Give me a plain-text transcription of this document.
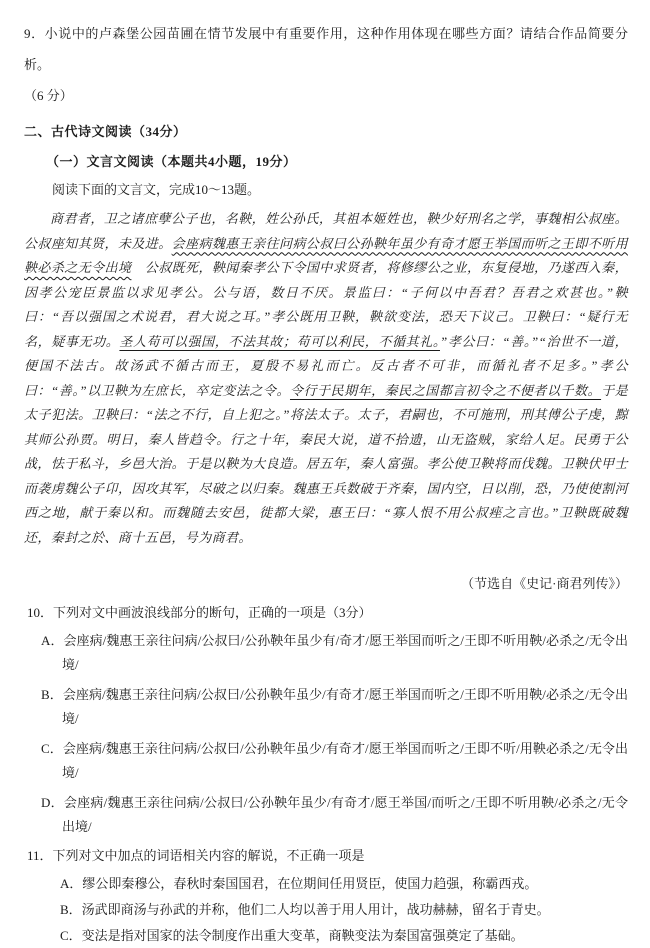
9．小说中的卢森堡公园苗圃在情节发展中有重要作用，这种作用体现在哪些方面？请结合作品简要分析。
（6 分）
二、古代诗文阅读（34分）
（一）文言文阅读（本题共4小题，19分）
阅读下面的文言文，完成10～13题。

商君者，卫之诸庶孽公子也，名鞅，姓公孙氏，其祖本姬姓也，鞅少好刑名之学，事魏相公叔座。公叔座知其贤，未及进。会座病魏惠王亲往问病公叔曰公孙鞅年虽少有奇才愿王举国而听之王即不听用鞅必杀之无令出境　公叔既死，鞅闻秦孝公下令国中求贤者，将修缪公之业，东复侵地，乃遂西入秦，因孝公宠臣景监以求见孝公。公与语，数日不厌。景监曰：“子何以中吾君？吾君之欢甚也。”鞅曰：“吾以强国之术说君，君大说之耳。”孝公既用卫鞅，鞅欲变法，恐天下议己。卫鞅曰：“疑行无名，疑事无功。圣人苟可以强国，不法其故；苟可以利民，不循其礼。”孝公曰：“善。”“治世不一道，便国不法古。故汤武不循古而王，夏殷不易礼而亡。反古者不可非，而循礼者不足多。”孝公曰：“善。”以卫鞅为左庶长，卒定变法之令。令行于民期年，秦民之国都言初令之不便者以千数。于是太子犯法。卫鞅曰：“法之不行，自上犯之。”将法太子。太子，君嗣也，不可施刑，刑其傅公子虔，黥其师公孙贾。明日，秦人皆趋令。行之十年，秦民大说，道不拾遗，山无盗贼，家给人足。民勇于公战，怯于私斗，乡邑大治。于是以鞅为大良造。居五年，秦人富强。孝公使卫鞅将而伐魏。卫鞅伏甲士而袭虏魏公子卬，因攻其军，尽破之以归秦。魏惠王兵数破于齐秦，国内空，日以削，恐，乃使使割河西之地，献于秦以和。而魏随去安邑，徙都大梁，惠王曰：“寡人恨不用公叔痤之言也。”卫鞅既破魏还，秦封之於、商十五邑，号为商君。

（节选自《史记·商君列传》）
10．下列对文中画波浪线部分的断句，正确的一项是（3分）
A．会座病/魏惠王亲往问病/公叔曰/公孙鞅年虽少有/奇才/愿王举国而听之/王即不听用鞅/必杀之/无令出境/
B．会座病/魏惠王亲往问病/公叔曰/公孙鞅年虽少/有奇才/愿王举国而听之/王即不听用鞅/必杀之/无令出境/
C．会座病/魏惠王亲往问病/公叔曰/公孙鞅年虽少/有奇才/愿王举国而听之/王即不听/用鞅必杀之/无令出境/
D．会座病/魏惠王亲往问病/公叔曰/公孙鞅年虽少/有奇才/愿王举国/而听之/王即不听用鞅/必杀之/无令出境/
11．下列对文中加点的词语相关内容的解说，不正确一项是
A．缪公即秦穆公，春秋时秦国国君，在位期间任用贤臣，使国力趋强，称霸西戎。
B．汤武即商汤与孙武的并称，他们二人均以善于用人用计，战功赫赫，留名于青史。
C．变法是指对国家的法令制度作出重大变革，商鞅变法为秦国富强奠定了基础。
